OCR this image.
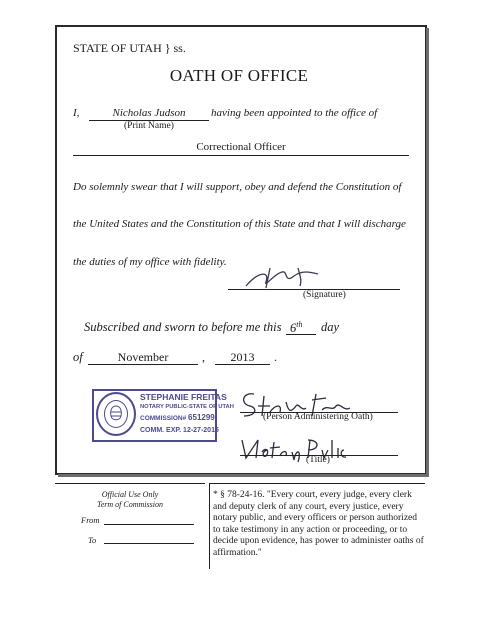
STATE OF UTAH } ss.
OATH OF OFFICE
I,	Nicholas Judson	having been appointed to the office of
(Print Name)
Correctional Officer
Do solemnly swear that I will support, obey and defend the Constitution of
the United States and the Constitution of this State and that I will discharge
the duties of my office with fidelity.
(Signature)
Subscribed and sworn to before me this 6th day
of	November	,	2013	.
STEPHANIE FREITAS
NOTARY PUBLIC-STATE OF UTAH
COMMISSION# 651299
COMM. EXP. 12-27-2015
(Person Administering Oath)
(Title)
Official Use Only
Term of Commission
From
To
* § 78-24-16. "Every court, every judge, every clerk and deputy clerk of any court, every justice, every notary public, and every officers or person authorized to take testimony in any action or proceeding, or to decide upon evidence, has power to administer oaths of affirmation."
